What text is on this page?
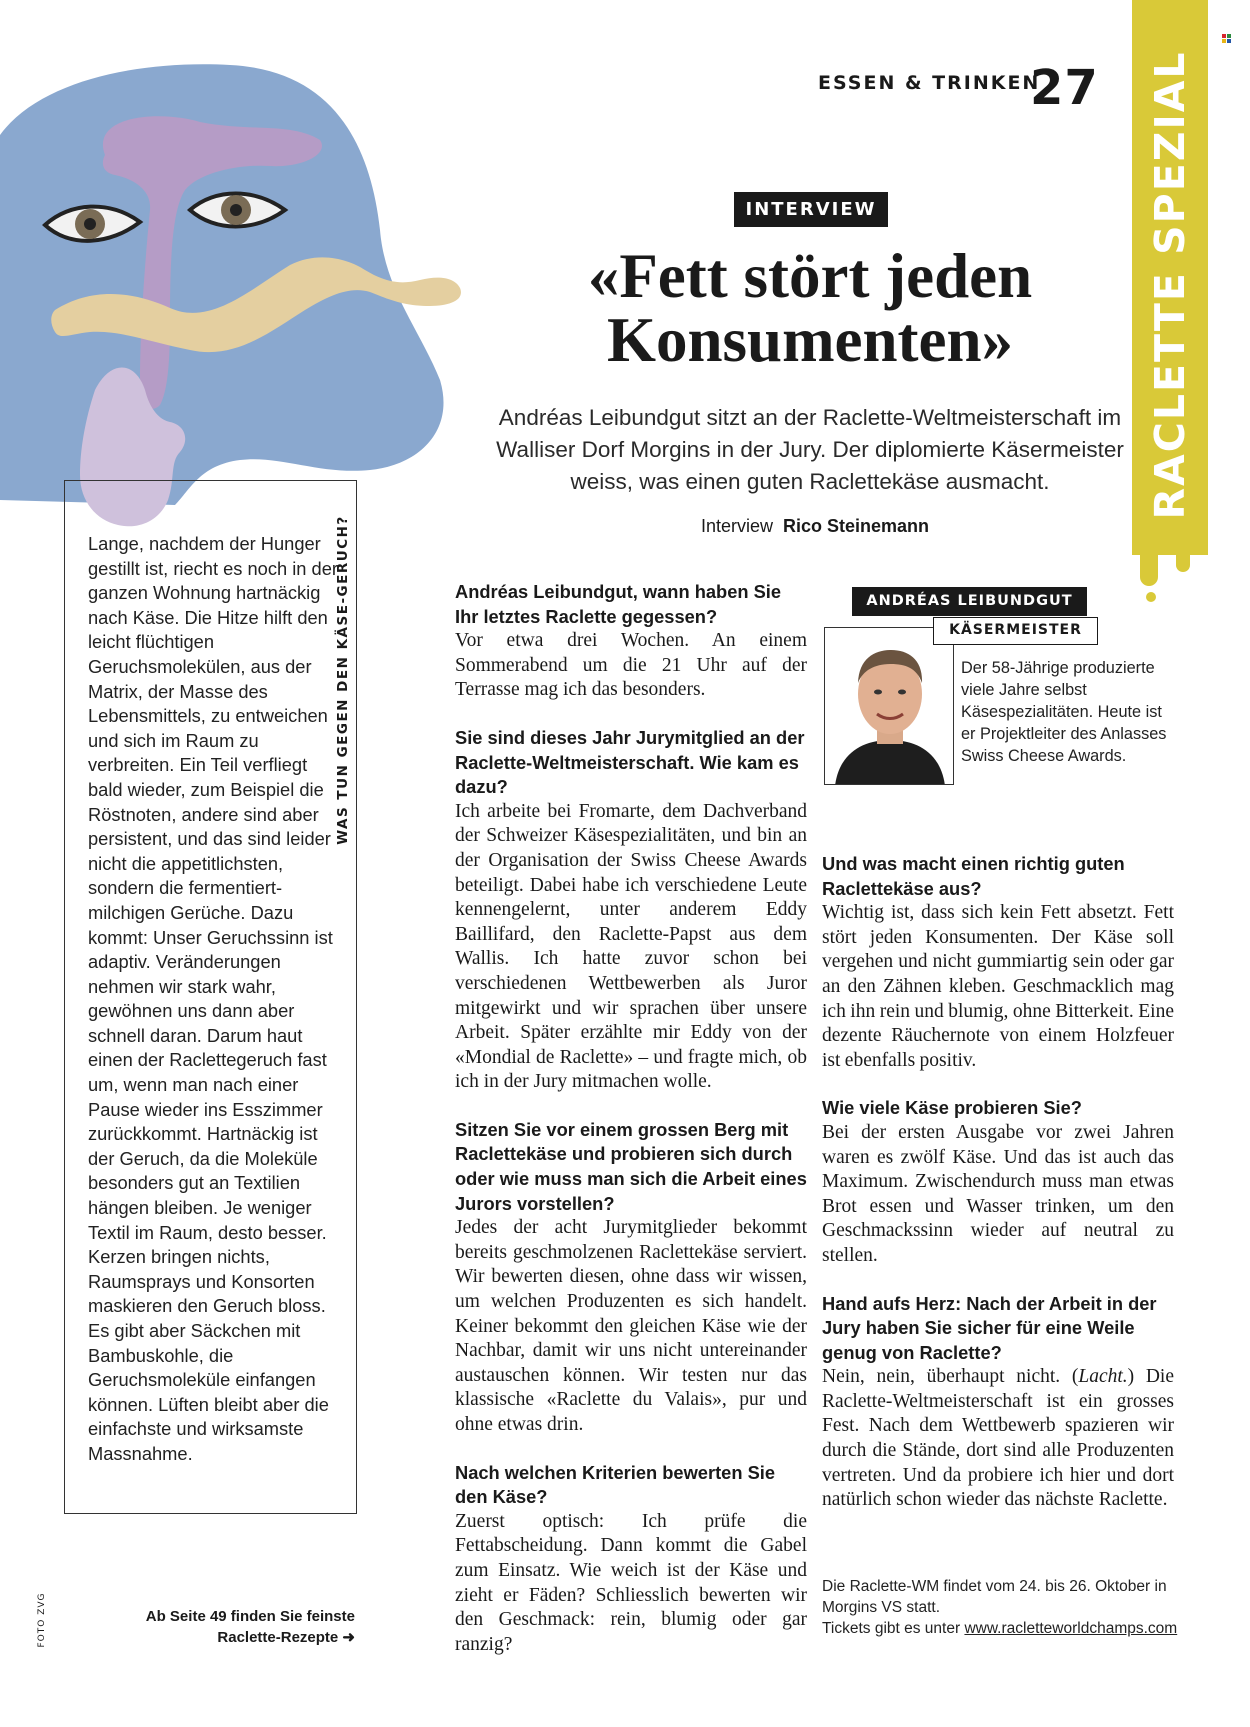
RACLETTE SPEZIAL
ESSEN & TRINKEN
27
INTERVIEW
«Fett stört jeden Konsumenten»

Andréas Leibundgut sitzt an der Raclette-Weltmeisterschaft im Walliser Dorf Morgins in der Jury. Der diplomierte Käsermeister weiss, was einen guten Raclettekäse ausmacht.

Interview Rico Steinemann

WAS TUN GEGEN DEN KÄSE-GERUCH?

Lange, nachdem der Hunger gestillt ist, riecht es noch in der ganzen Wohnung hartnäckig nach Käse. Die Hitze hilft den leicht flüchtigen Geruchsmolekülen, aus der Matrix, der Masse des Lebensmittels, zu entweichen und sich im Raum zu verbreiten. Ein Teil verfliegt bald wieder, zum Beispiel die Röstnoten, andere sind aber persistent, und das sind leider nicht die appetitlichsten, sondern die fermentiert-milchigen Gerüche. Dazu kommt: Unser Geruchssinn ist adaptiv. Veränderungen nehmen wir stark wahr, gewöhnen uns dann aber schnell daran. Darum haut einen der Raclettegeruch fast um, wenn man nach einer Pause wieder ins Esszimmer zurückkommt. Hartnäckig ist der Geruch, da die Moleküle besonders gut an Textilien hängen bleiben. Je weniger Textil im Raum, desto besser. Kerzen bringen nichts, Raumsprays und Konsorten maskieren den Geruch bloss. Es gibt aber Säckchen mit Bambuskohle, die Geruchsmoleküle einfangen können. Lüften bleibt aber die einfachste und wirksamste Massnahme.

Andréas Leibundgut, wann haben Sie Ihr letztes Raclette gegessen?

Vor etwa drei Wochen. An einem Sommerabend um die 21 Uhr auf der Terrasse mag ich das besonders.

Sie sind dieses Jahr Jurymitglied an der Raclette-Weltmeisterschaft. Wie kam es dazu?

Ich arbeite bei Fromarte, dem Dachverband der Schweizer Käsespezialitäten, und bin an der Organisation der Swiss Cheese Awards beteiligt. Dabei habe ich verschiedene Leute kennengelernt, unter anderem Eddy Baillifard, den Raclette-Papst aus dem Wallis. Ich hatte zuvor schon bei verschiedenen Wettbewerben als Juror mitgewirkt und wir sprachen über unsere Arbeit. Später erzählte mir Eddy von der «Mondial de Raclette» – und fragte mich, ob ich in der Jury mitmachen wolle.

Sitzen Sie vor einem grossen Berg mit Raclettekäse und probieren sich durch oder wie muss man sich die Arbeit eines Jurors vorstellen?

Jedes der acht Jurymitglieder bekommt bereits geschmolzenen Raclettekäse serviert. Wir bewerten diesen, ohne dass wir wissen, um welchen Produzenten es sich handelt. Keiner bekommt den gleichen Käse wie der Nachbar, damit wir uns nicht untereinander austauschen können. Wir testen nur das klassische «Raclette du Valais», pur und ohne etwas drin.

Nach welchen Kriterien bewerten Sie den Käse?

Zuerst optisch: Ich prüfe die Fettabscheidung. Dann kommt die Gabel zum Einsatz. Wie weich ist der Käse und zieht er Fäden? Schliesslich bewerten wir den Geschmack: rein, blumig oder gar ranzig?

ANDRÉAS LEIBUNDGUT
KÄSERMEISTER

Der 58-Jährige produzierte viele Jahre selbst Käsespezialitäten. Heute ist er Projektleiter des Anlasses Swiss Cheese Awards.

Und was macht einen richtig guten Raclettekäse aus?

Wichtig ist, dass sich kein Fett absetzt. Fett stört jeden Konsumenten. Der Käse soll vergehen und nicht gummiartig sein oder gar an den Zähnen kleben. Geschmacklich mag ich ihn rein und blumig, ohne Bitterkeit. Eine dezente Räuchernote von einem Holzfeuer ist ebenfalls positiv.

Wie viele Käse probieren Sie?

Bei der ersten Ausgabe vor zwei Jahren waren es zwölf Käse. Und das ist auch das Maximum. Zwischendurch muss man etwas Brot essen und Wasser trinken, um den Geschmackssinn wieder auf neutral zu stellen.

Hand aufs Herz: Nach der Arbeit in der Jury haben Sie sicher für eine Weile genug von Raclette?

Nein, nein, überhaupt nicht. (Lacht.) Die Raclette-Weltmeisterschaft ist ein grosses Fest. Nach dem Wettbewerb spazieren wir durch die Stände, dort sind alle Produzenten vertreten. Und da probiere ich hier und dort natürlich schon wieder das nächste Raclette.

Die Raclette-WM findet vom 24. bis 26. Oktober in Morgins VS statt.

Tickets gibt es unter www.racletteworldchamps.com

Ab Seite 49 finden Sie feinste Raclette-Rezepte ➜
FOTO ZVG
